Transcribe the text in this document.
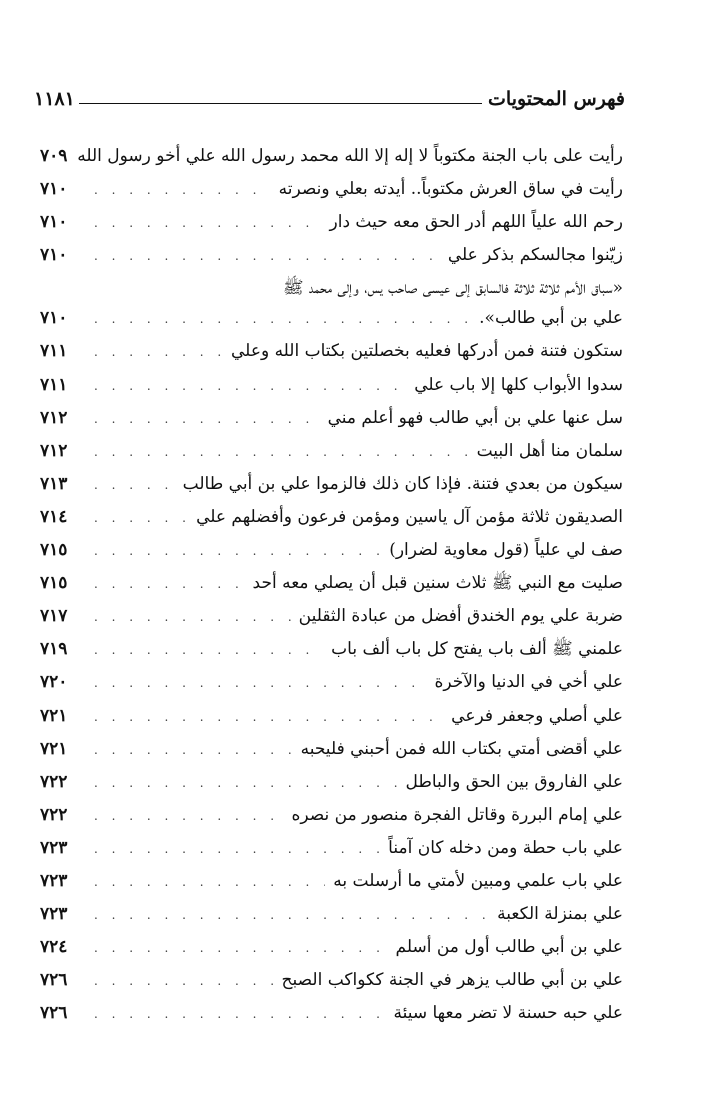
فهرس المحتويات
١١٨١
رأيت على باب الجنة مكتوباً لا إله إلا الله محمد رسول الله علي أخو رسول الله
٧٠٩
رأيت في ساق العرش مكتوباً.. أيدته بعلي ونصرته
. . .
٧١٠
رحم الله علياً اللهم أدر الحق معه حيث دار
. . .
٧١٠
زيّنوا مجالسكم بذكر علي
. . .
٧١٠
«سباق الأمم ثلاثة ثلاثة فالسابق إلى عيسى صاحب يس، وإلى محمد ﷺ
علي بن أبي طالب».
. . .
٧١٠
ستكون فتنة فمن أدركها فعليه بخصلتين بكتاب الله وعلي
. . .
٧١١
سدوا الأبواب كلها إلا باب علي
. . .
٧١١
سل عنها علي بن أبي طالب فهو أعلم مني
. . .
٧١٢
سلمان منا أهل البيت
. . .
٧١٢
سيكون من بعدي فتنة. فإذا كان ذلك فالزموا علي بن أبي طالب
. . .
٧١٣
الصديقون ثلاثة مؤمن آل ياسين ومؤمن فرعون وأفضلهم علي
. . .
٧١٤
صف لي علياً (قول معاوية لضرار)
. . .
٧١٥
صليت مع النبي ﷺ ثلاث سنين قبل أن يصلي معه أحد
. . .
٧١٥
ضربة علي يوم الخندق أفضل من عبادة الثقلين
. . .
٧١٧
علمني ﷺ ألف باب يفتح كل باب ألف باب
. . .
٧١٩
علي أخي في الدنيا والآخرة
. . .
٧٢٠
علي أصلي وجعفر فرعي
. . .
٧٢١
علي أقضى أمتي بكتاب الله فمن أحبني فليحبه
. . .
٧٢١
علي الفاروق بين الحق والباطل
. . .
٧٢٢
علي إمام البررة وقاتل الفجرة منصور من نصره
. . .
٧٢٢
علي باب حطة ومن دخله كان آمناً
. . .
٧٢٣
علي باب علمي ومبين لأمتي ما أرسلت به
. . .
٧٢٣
علي بمنزلة الكعبة
. . .
٧٢٣
علي بن أبي طالب أول من أسلم
. . .
٧٢٤
علي بن أبي طالب يزهر في الجنة ككواكب الصبح
. . .
٧٢٦
علي حبه حسنة لا تضر معها سيئة
. . .
٧٢٦
